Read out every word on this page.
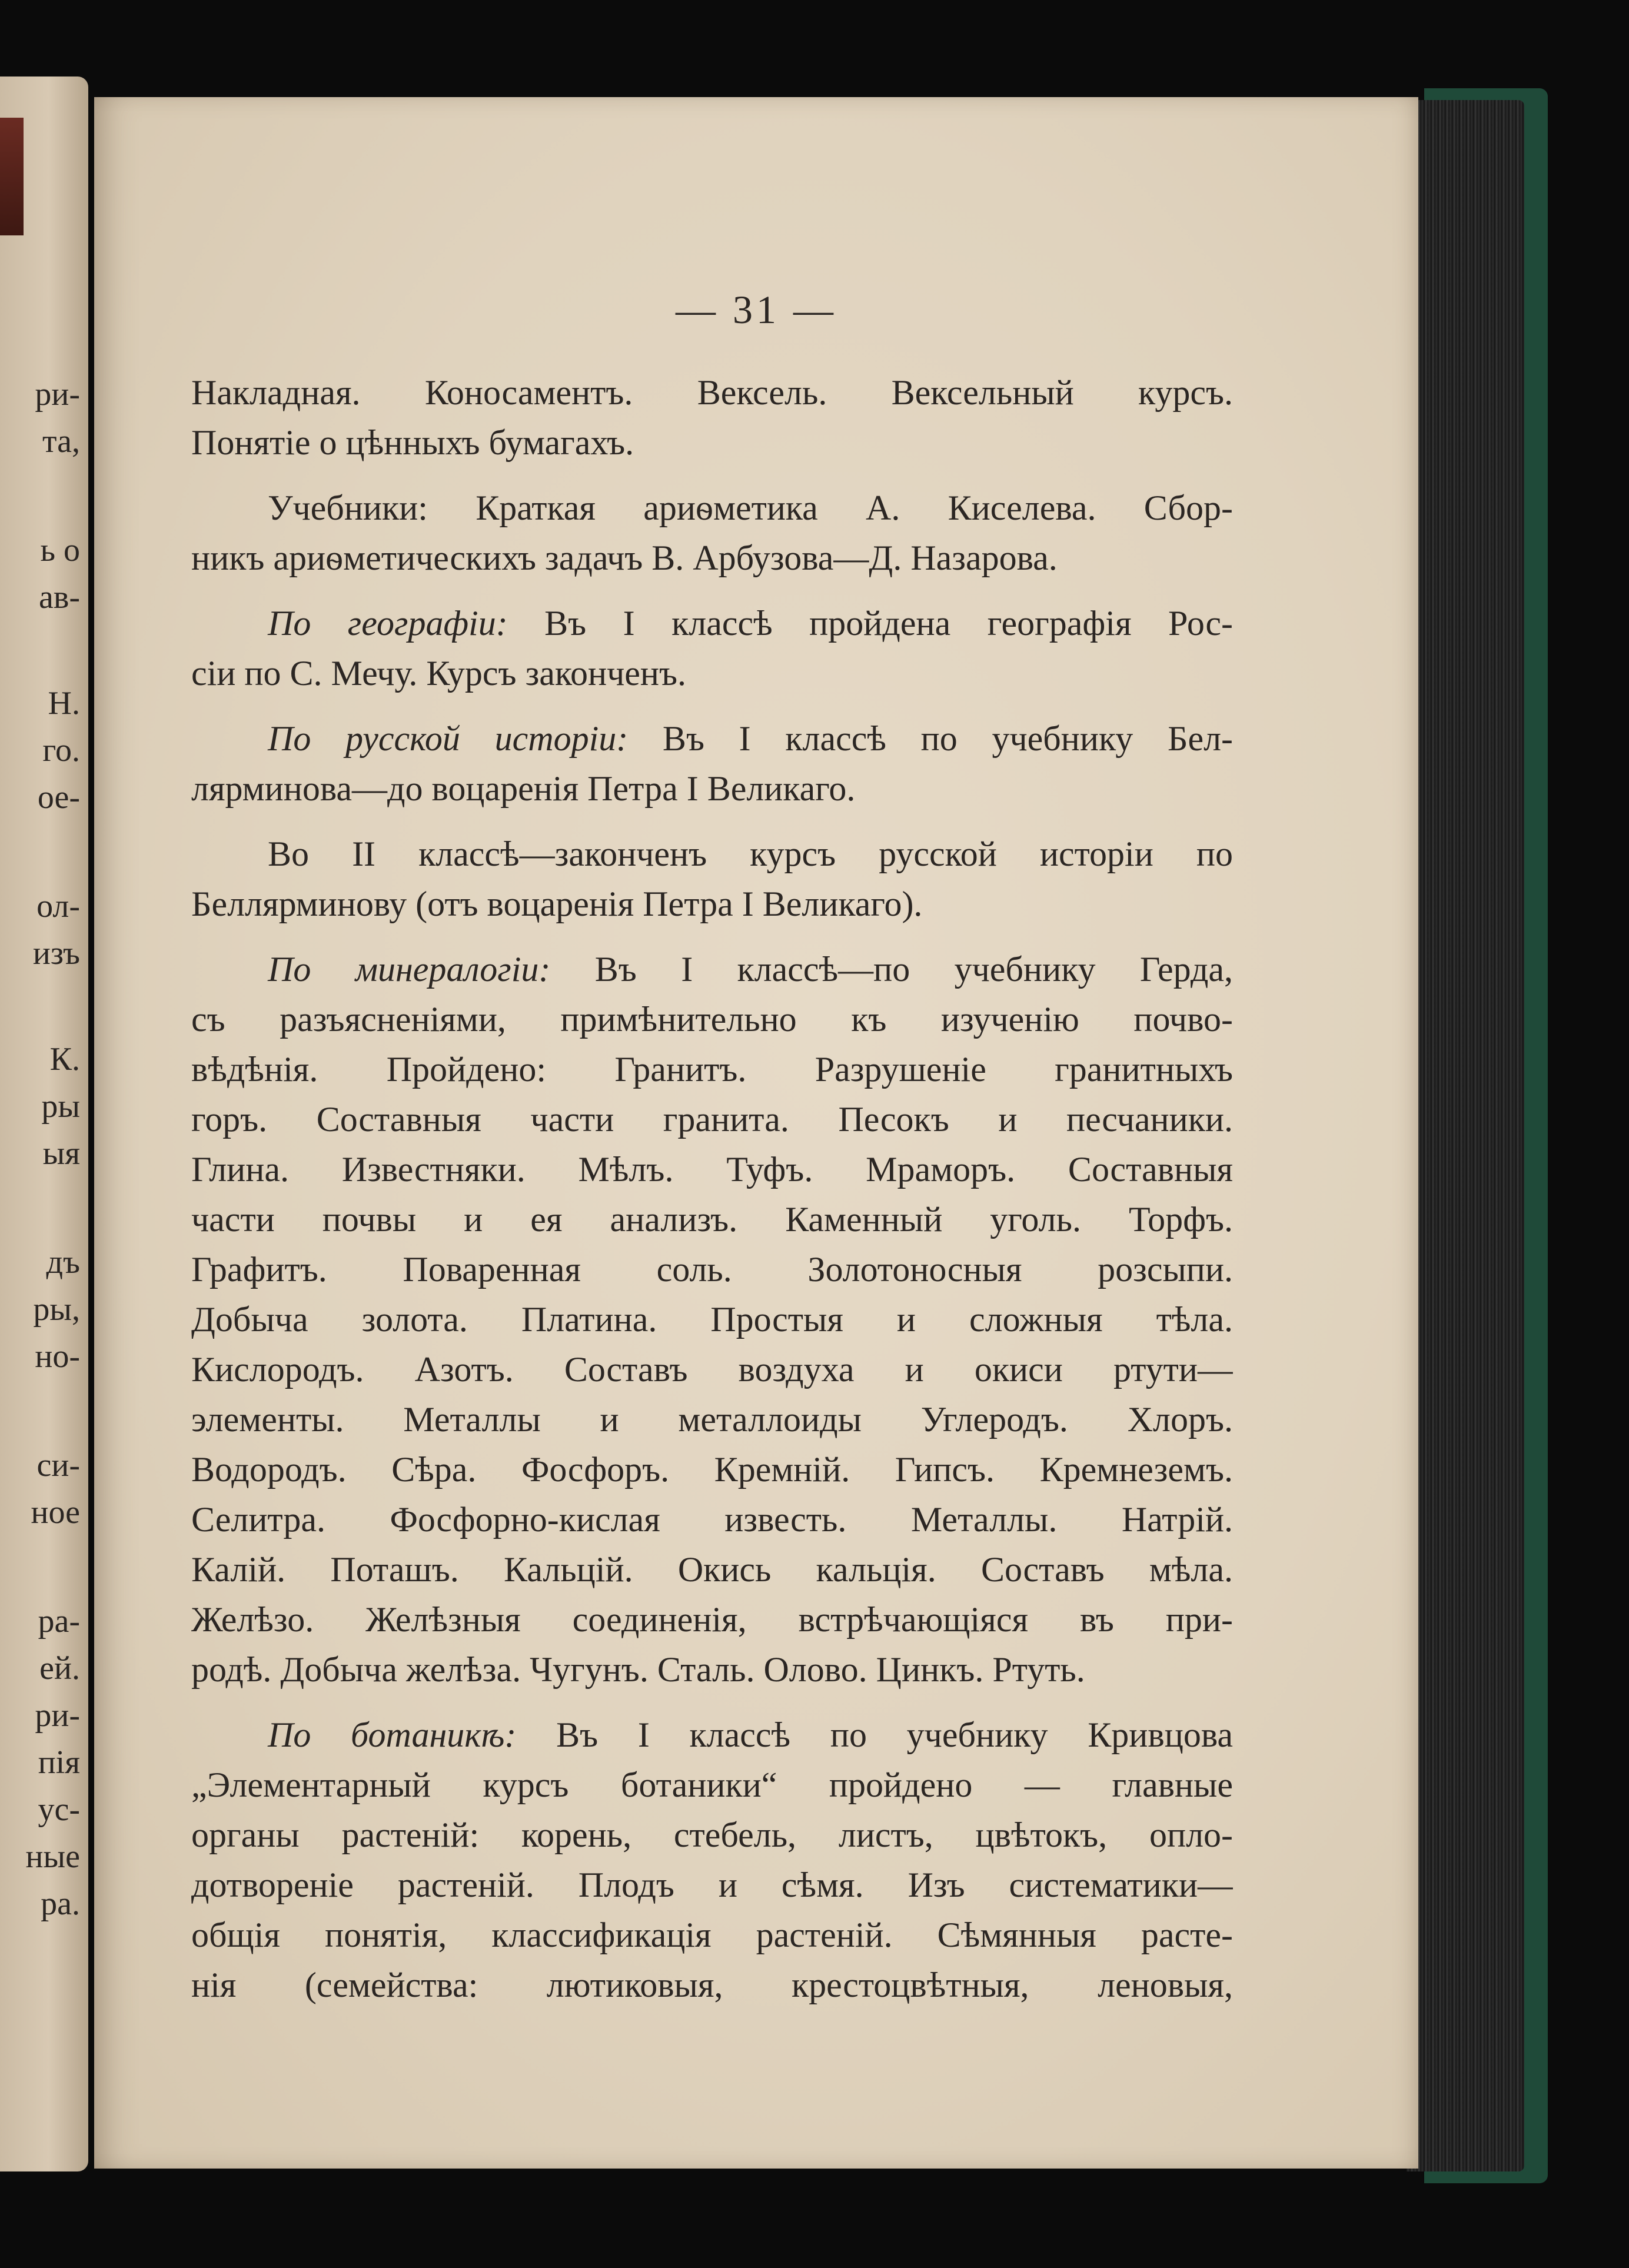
ри-
та,
ь о
ав-
Н.
го.
ое-
ол-
изъ
К.
ры
ыя
дъ
ры,
но-
си-
ное
ра-
ей.
ри-
пія
ус-
ные
ра.
— 31 —
Накладная. Коносаментъ. Вексель. Вексельный курсъ.
Понятіе о цѣнныхъ бумагахъ.
Учебники: Краткая ариѳметика А. Киселева. Сбор-
никъ ариѳметическихъ задачъ В. Арбузова—Д. Назарова.
По географіи: Въ I классѣ пройдена географія Рос-
сіи по С. Мечу. Курсъ законченъ.
По русской исторіи: Въ I классѣ по учебнику Бел-
лярминова—до воцаренія Петра I Великаго.
Во II классѣ—законченъ курсъ русской исторіи по
Беллярминову (отъ воцаренія Петра I Великаго).
По минералогіи: Въ I классѣ—по учебнику Герда,
съ разъясненіями, примѣнительно къ изученію почво-
вѣдѣнія. Пройдено: Гранитъ. Разрушеніе гранитныхъ
горъ. Составныя части гранита. Песокъ и песчаники.
Глина. Известняки. Мѣлъ. Туфъ. Мраморъ. Составныя
части почвы и ея анализъ. Каменный уголь. Торфъ.
Графитъ. Поваренная соль. Золотоносныя розсыпи.
Добыча золота. Платина. Простыя и сложныя тѣла.
Кислородъ. Азотъ. Составъ воздуха и окиси ртути—
элементы. Металлы и металлоиды Углеродъ. Хлоръ.
Водородъ. Сѣра. Фосфоръ. Кремній. Гипсъ. Кремнеземъ.
Селитра. Фосфорно-кислая известь. Металлы. Натрій.
Калій. Поташъ. Кальцій. Окись кальція. Составъ мѣла.
Желѣзо. Желѣзныя соединенія, встрѣчающіяся въ при-
родѣ. Добыча желѣза. Чугунъ. Сталь. Олово. Цинкъ. Ртуть.
По ботаникѣ: Въ I классѣ по учебнику Кривцова
„Элементарный курсъ ботаники“ пройдено — главные
органы растеній: корень, стебель, листъ, цвѣтокъ, опло-
дотвореніе растеній. Плодъ и сѣмя. Изъ систематики—
общія понятія, классификація растеній. Сѣмянныя расте-
нія (семейства: лютиковыя, крестоцвѣтныя, леновыя,
